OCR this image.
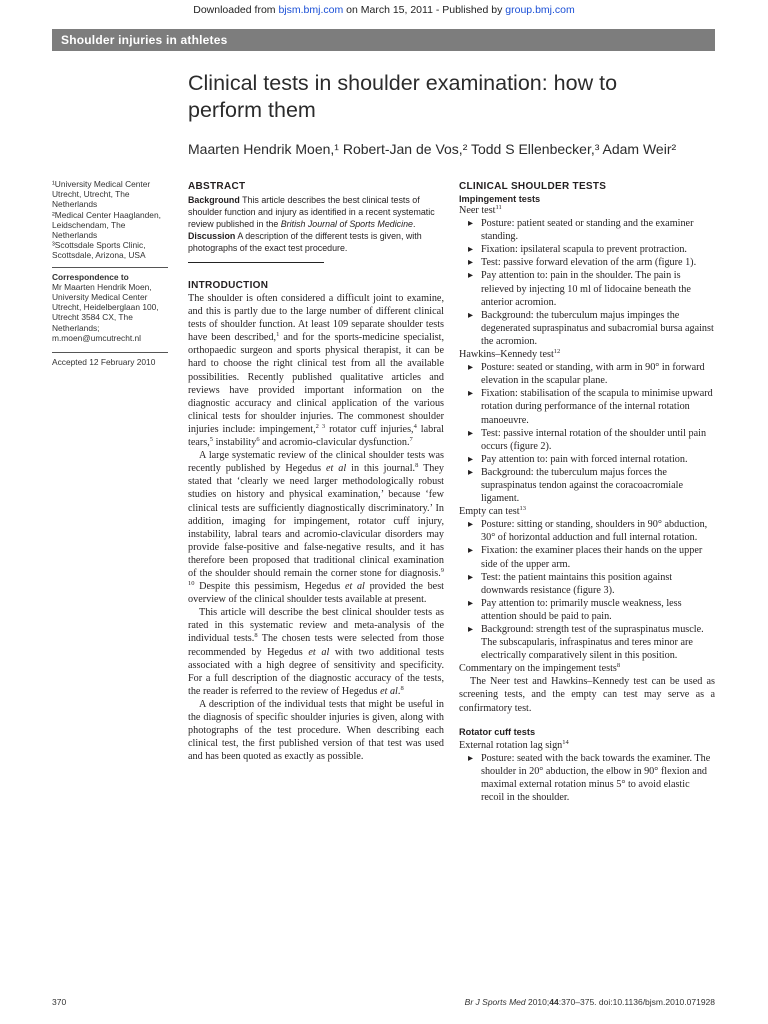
Downloaded from bjsm.bmj.com on March 15, 2011 - Published by group.bmj.com
Shoulder injuries in athletes
Clinical tests in shoulder examination: how to perform them
Maarten Hendrik Moen,¹ Robert-Jan de Vos,² Todd S Ellenbecker,³ Adam Weir²
¹University Medical Center Utrecht, Utrecht, The Netherlands
²Medical Center Haaglanden, Leidschendam, The Netherlands
³Scottsdale Sports Clinic, Scottsdale, Arizona, USA
Correspondence to
Mr Maarten Hendrik Moen, University Medical Center Utrecht, Heidelberglaan 100, Utrecht 3584 CX, The Netherlands; m.moen@umcutrecht.nl
Accepted 12 February 2010
ABSTRACT

Background This article describes the best clinical tests of shoulder function and injury as identified in a recent systematic review published in the British Journal of Sports Medicine.

Discussion A description of the different tests is given, with photographs of the exact test procedure.

INTRODUCTION

The shoulder is often considered a difficult joint to examine, and this is partly due to the large number of different clinical tests of shoulder function. At least 109 separate shoulder tests have been described,$^1$ and for the sports-medicine specialist, orthopaedic surgeon and sports physical therapist, it can be hard to choose the right clinical test from all the available possibilities. Recently published qualitative articles and reviews have provided important information on the diagnostic accuracy and clinical application of the various clinical tests for shoulder injuries. The commonest shoulder injuries include: impingement,$^{2 3}$ rotator cuff injuries,$^4$ labral tears,$^5$ instability$^6$ and acromio-clavicular dysfunction.$^7$

A large systematic review of the clinical shoulder tests was recently published by Hegedus et al in this journal.$^8$ They stated that ‘clearly we need larger methodologically robust studies on history and physical examination,’ because ‘few clinical tests are sufficiently diagnostically discriminatory.’ In addition, imaging for impingement, rotator cuff injury, instability, labral tears and acromio-clavicular disorders may provide false-positive and false-negative results, and it has therefore been proposed that traditional clinical examination of the shoulder should remain the corner stone for diagnosis.$^{9 10}$ Despite this pessimism, Hegedus et al provided the best overview of the clinical shoulder tests available at present.

This article will describe the best clinical shoulder tests as rated in this systematic review and meta-analysis of the individual tests.$^8$ The chosen tests were selected from those recommended by Hegedus et al with two additional tests associated with a high degree of sensitivity and specificity. For a full description of the diagnostic accuracy of the tests, the reader is referred to the review of Hegedus et al.$^8$

A description of the individual tests that might be useful in the diagnosis of specific shoulder injuries is given, along with photographs of the test procedure. When describing each clinical test, the first published version of that test was used and has been quoted as exactly as possible.

CLINICAL SHOULDER TESTS
Impingement tests

Neer test$^{11}$

▸ Posture: patient seated or standing and the examiner standing.
▸ Fixation: ipsilateral scapula to prevent protraction.
▸ Test: passive forward elevation of the arm (figure 1).
▸ Pay attention to: pain in the shoulder. The pain is relieved by injecting 10 ml of lidocaine beneath the anterior acromion.
▸ Background: the tuberculum majus impinges the degenerated supraspinatus and subacromial bursa against the acromion.

Hawkins–Kennedy test$^{12}$

▸ Posture: seated or standing, with arm in 90° in forward elevation in the scapular plane.
▸ Fixation: stabilisation of the scapula to minimise upward rotation during performance of the internal rotation manoeuvre.
▸ Test: passive internal rotation of the shoulder until pain occurs (figure 2).
▸ Pay attention to: pain with forced internal rotation.
▸ Background: the tuberculum majus forces the supraspinatus tendon against the coracoacromiale ligament.

Empty can test$^{13}$

▸ Posture: sitting or standing, shoulders in 90° abduction, 30° of horizontal adduction and full internal rotation.
▸ Fixation: the examiner places their hands on the upper side of the upper arm.
▸ Test: the patient maintains this position against downwards resistance (figure 3).
▸ Pay attention to: primarily muscle weakness, less attention should be paid to pain.
▸ Background: strength test of the supraspinatus muscle. The subscapularis, infraspinatus and teres minor are electrically comparatively silent in this position.

Commentary on the impingement tests$^8$

The Neer test and Hawkins–Kennedy test can be used as screening tests, and the empty can test may serve as a confirmatory test.

Rotator cuff tests

External rotation lag sign$^{14}$

▸ Posture: seated with the back towards the examiner. The shoulder in 20° abduction, the elbow in 90° flexion and maximal external rotation minus 5° to avoid elastic recoil in the shoulder.
370	Br J Sports Med 2010;44:370–375. doi:10.1136/bjsm.2010.071928
